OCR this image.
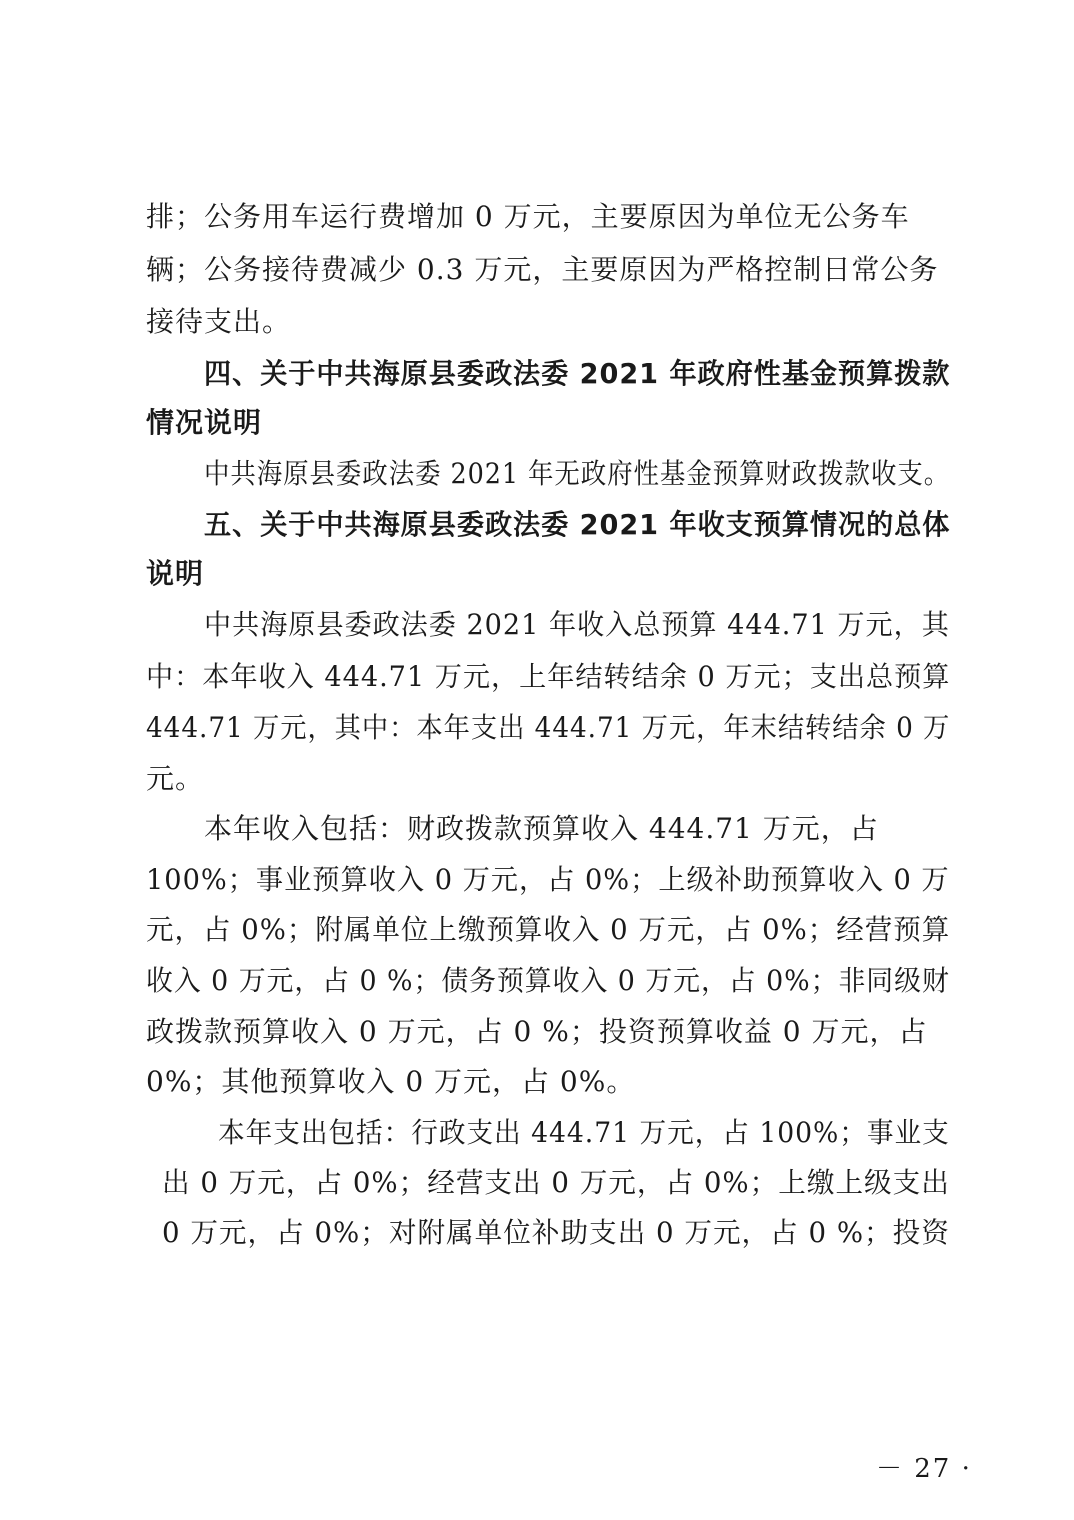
排；公务用车运行费增加 0 万元，主要原因为单位无公务车
辆；公务接待费减少 0.3 万元，主要原因为严格控制日常公务
接待支出。
四、关于中共海原县委政法委 2021 年政府性基金预算拨款
情况说明
中共海原县委政法委 2021 年无政府性基金预算财政拨款收支。
五、关于中共海原县委政法委 2021 年收支预算情况的总体
说明
中共海原县委政法委 2021 年收入总预算 444.71 万元，其
中：本年收入 444.71 万元，上年结转结余 0 万元；支出总预算
444.71 万元，其中：本年支出 444.71 万元，年末结转结余 0 万
元。
本年收入包括：财政拨款预算收入 444.71 万元，占
100%；事业预算收入 0 万元，占 0%；上级补助预算收入 0 万
元，占 0%；附属单位上缴预算收入 0 万元，占 0%；经营预算
收入 0 万元，占 0 %；债务预算收入 0 万元，占 0%；非同级财
政拨款预算收入 0 万元，占 0 %；投资预算收益 0 万元，占
0%；其他预算收入 0 万元，占 0%。
本年支出包括：行政支出 444.71 万元，占 100%；事业支
出 0 万元，占 0%；经营支出 0 万元，占 0%；上缴上级支出
0 万元，占 0%；对附属单位补助支出 0 万元，占 0 %；投资
－ 27 ·
